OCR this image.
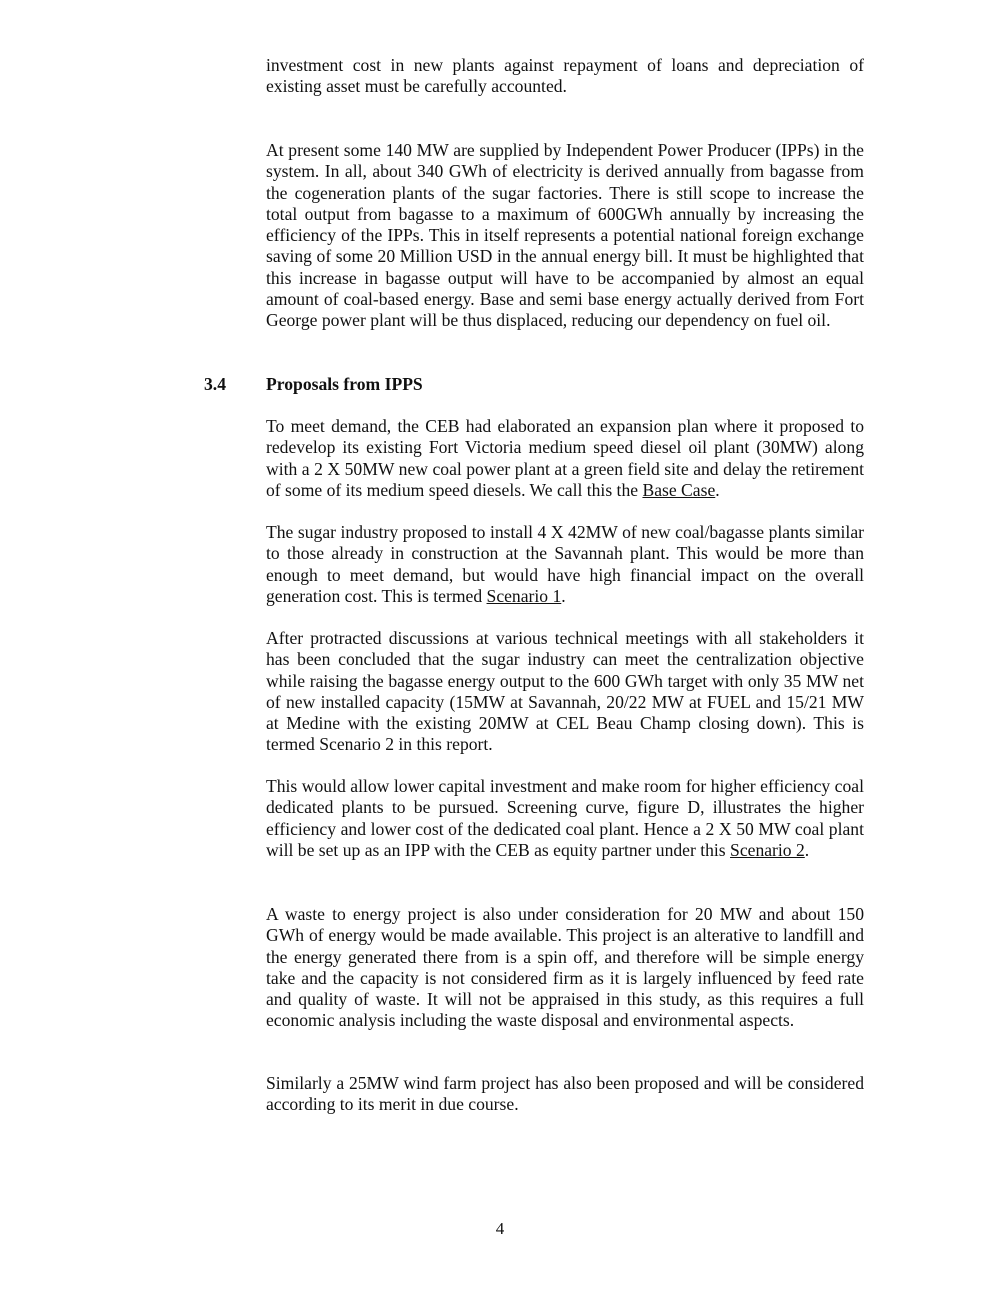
investment cost in new plants against repayment of loans and depreciation of existing asset must be carefully accounted.

At present some 140 MW are supplied by Independent Power Producer (IPPs) in the system. In all, about 340 GWh of electricity is derived annually from bagasse from the cogeneration plants of the sugar factories. There is still scope to increase the total output from bagasse to a maximum of 600GWh annually by increasing the efficiency of the IPPs. This in itself represents a potential national foreign exchange saving of some 20 Million USD in the annual energy bill. It must be highlighted that this increase in bagasse output will have to be accompanied by almost an equal amount of coal-based energy. Base and semi base energy actually derived from Fort George power plant will be thus displaced, reducing our dependency on fuel oil.

3.4 Proposals from IPPS

To meet demand, the CEB had elaborated an expansion plan where it proposed to redevelop its existing Fort Victoria medium speed diesel oil plant (30MW) along with a 2 X 50MW new coal power plant at a green field site and delay the retirement of some of its medium speed diesels. We call this the Base Case.

The sugar industry proposed to install 4 X 42MW of new coal/bagasse plants similar to those already in construction at the Savannah plant. This would be more than enough to meet demand, but would have high financial impact on the overall generation cost. This is termed Scenario 1.

After protracted discussions at various technical meetings with all stakeholders it has been concluded that the sugar industry can meet the centralization objective while raising the bagasse energy output to the 600 GWh target with only 35 MW net of new installed capacity (15MW at Savannah, 20/22 MW at FUEL and 15/21 MW at Medine with the existing 20MW at CEL Beau Champ closing down). This is termed Scenario 2 in this report.

This would allow lower capital investment and make room for higher efficiency coal dedicated plants to be pursued. Screening curve, figure D, illustrates the higher efficiency and lower cost of the dedicated coal plant. Hence a 2 X 50 MW coal plant will be set up as an IPP with the CEB as equity partner under this Scenario 2.

A waste to energy project is also under consideration for 20 MW and about 150 GWh of energy would be made available. This project is an alterative to landfill and the energy generated there from is a spin off, and therefore will be simple energy take and the capacity is not considered firm as it is largely influenced by feed rate and quality of waste. It will not be appraised in this study, as this requires a full economic analysis including the waste disposal and environmental aspects.

Similarly a 25MW wind farm project has also been proposed and will be considered according to its merit in due course.

4
